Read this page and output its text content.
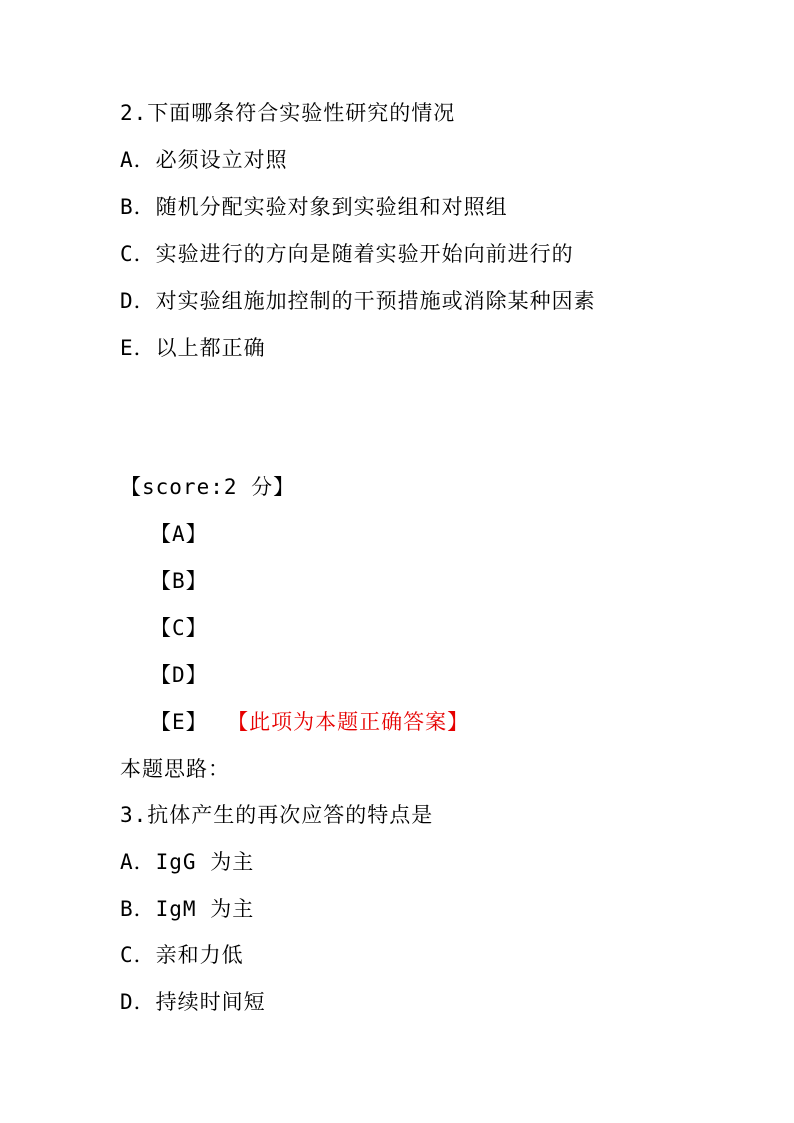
2.下面哪条符合实验性研究的情况
A．必须设立对照
B．随机分配实验对象到实验组和对照组
C．实验进行的方向是随着实验开始向前进行的
D．对实验组施加控制的干预措施或消除某种因素
E．以上都正确
【score:2 分】
【A】
【B】
【C】
【D】
【E】 【此项为本题正确答案】
本题思路：
3.抗体产生的再次应答的特点是
A．IgG 为主
B．IgM 为主
C．亲和力低
D．持续时间短
